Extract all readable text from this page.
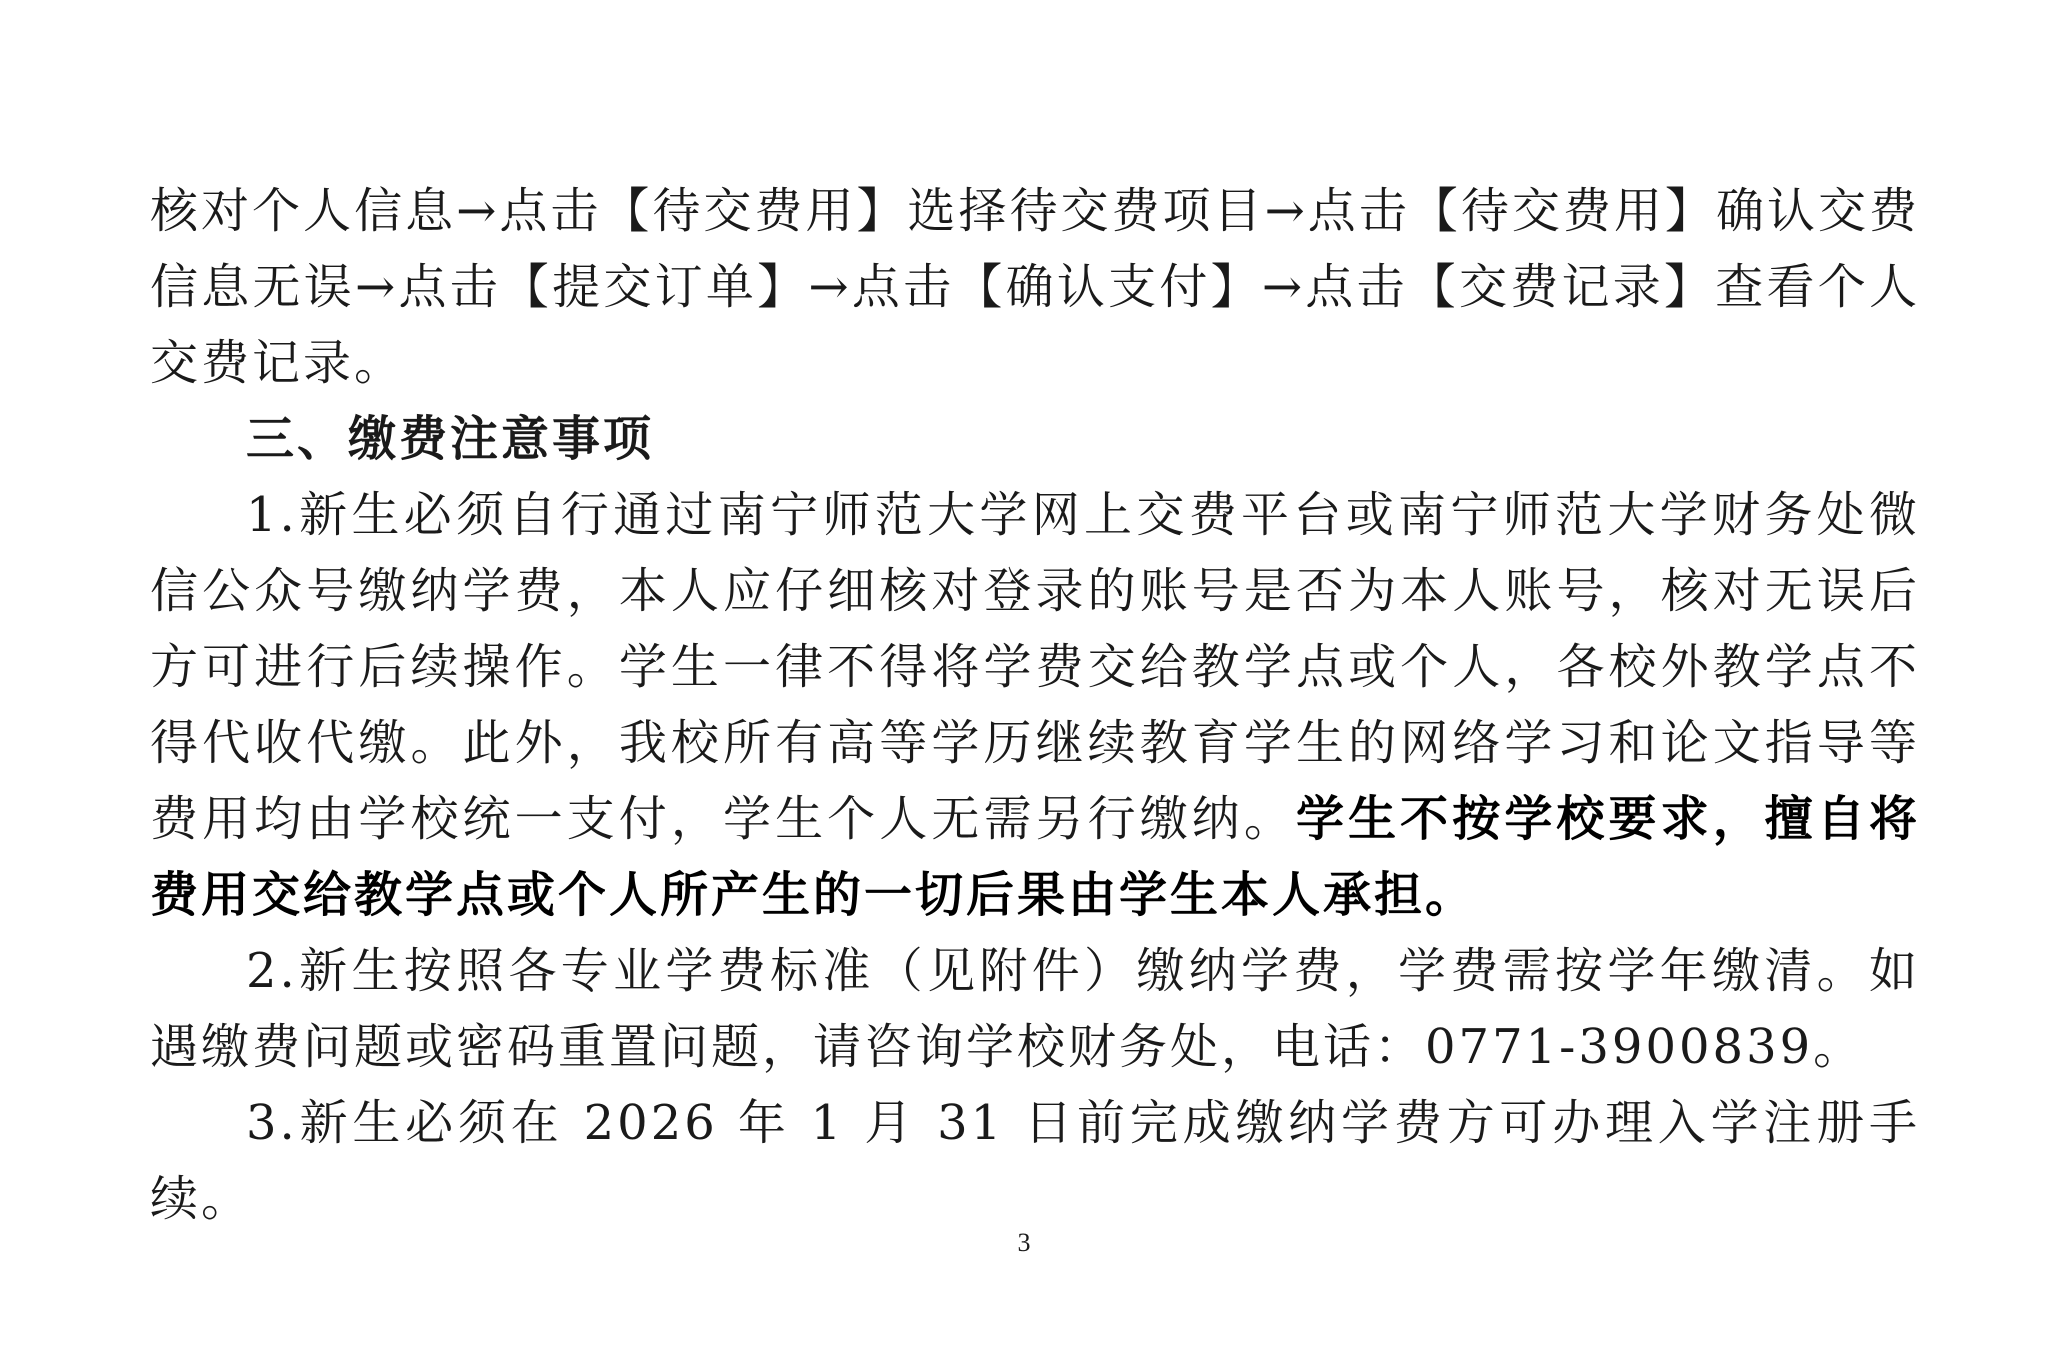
核对个人信息→点击【待交费用】选择待交费项目→点击【待交费用】确认交费信息无误→点击【提交订单】→点击【确认支付】→点击【交费记录】查看个人交费记录。

三、缴费注意事项

1.新生必须自行通过南宁师范大学网上交费平台或南宁师范大学财务处微信公众号缴纳学费，本人应仔细核对登录的账号是否为本人账号，核对无误后方可进行后续操作。学生一律不得将学费交给教学点或个人，各校外教学点不得代收代缴。此外，我校所有高等学历继续教育学生的网络学习和论文指导等费用均由学校统一支付，学生个人无需另行缴纳。学生不按学校要求，擅自将费用交给教学点或个人所产生的一切后果由学生本人承担。

2.新生按照各专业学费标准（见附件）缴纳学费，学费需按学年缴清。如遇缴费问题或密码重置问题，请咨询学校财务处，电话：0771-3900839。

3.新生必须在 2026 年 1 月 31 日前完成缴纳学费方可办理入学注册手续。

3
